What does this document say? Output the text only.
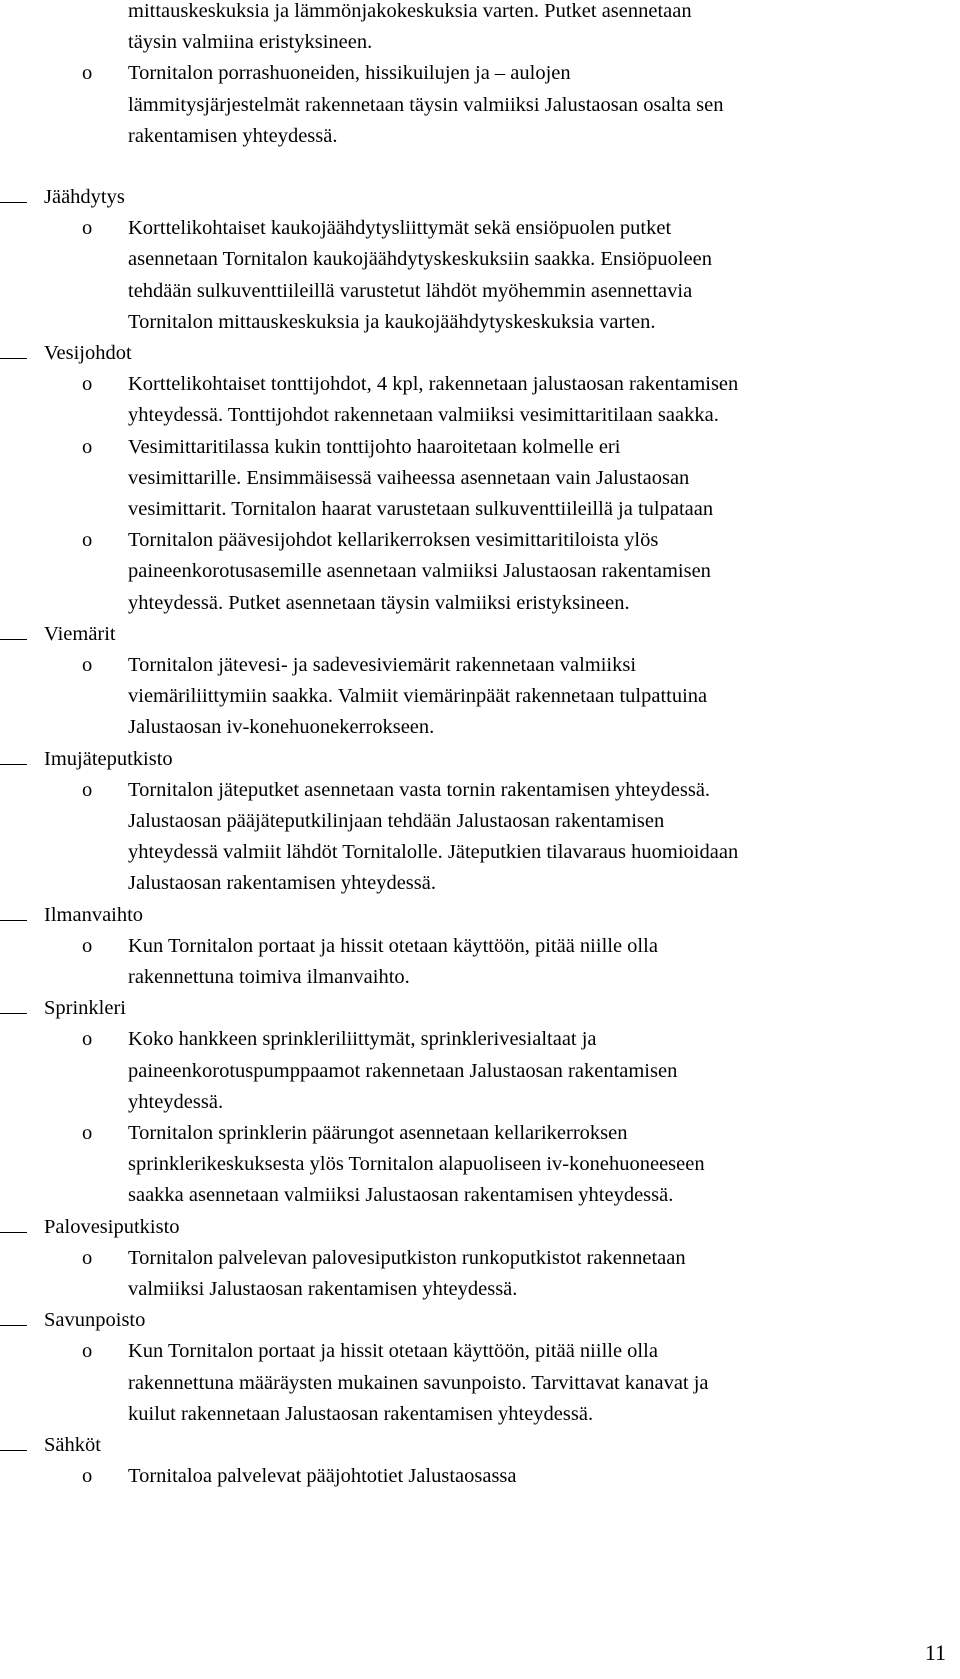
mittauskeskuksia ja lämmönjakokeskuksia varten. Putket asennetaan
täysin valmiina eristyksineen.
o Tornitalon porrashuoneiden, hissikuilujen ja – aulojen
lämmitysjärjestelmät rakennetaan täysin valmiiksi Jalustaosan osalta sen
rakentamisen yhteydessä.
Jäähdytys
o Korttelikohtaiset kaukojäähdytysliittymät sekä ensiöpuolen putket
asennetaan Tornitalon kaukojäähdytyskeskuksiin saakka. Ensiöpuoleen
tehdään sulkuventtiileillä varustetut lähdöt myöhemmin asennettavia
Tornitalon mittauskeskuksia ja kaukojäähdytyskeskuksia varten.
Vesijohdot
o Korttelikohtaiset tonttijohdot, 4 kpl, rakennetaan jalustaosan rakentamisen
yhteydessä. Tonttijohdot rakennetaan valmiiksi vesimittaritilaan saakka.
o Vesimittaritilassa kukin tonttijohto haaroitetaan kolmelle eri
vesimittarille. Ensimmäisessä vaiheessa asennetaan vain Jalustaosan
vesimittarit. Tornitalon haarat varustetaan sulkuventtiileillä ja tulpataan
o Tornitalon päävesijohdot kellarikerroksen vesimittaritiloista ylös
paineenkorotusasemille asennetaan valmiiksi Jalustaosan rakentamisen
yhteydessä. Putket asennetaan täysin valmiiksi eristyksineen.
Viemärit
o Tornitalon jätevesi- ja sadevesiviemärit rakennetaan valmiiksi
viemäriliittymiin saakka. Valmiit viemärinpäät rakennetaan tulpattuina
Jalustaosan iv-konehuonekerrokseen.
Imujäteputkisto
o Tornitalon jäteputket asennetaan vasta tornin rakentamisen yhteydessä.
Jalustaosan pääjäteputkilinjaan tehdään Jalustaosan rakentamisen
yhteydessä valmiit lähdöt Tornitalolle. Jäteputkien tilavaraus huomioidaan
Jalustaosan rakentamisen yhteydessä.
Ilmanvaihto
o Kun Tornitalon portaat ja hissit otetaan käyttöön, pitää niille olla
rakennettuna toimiva ilmanvaihto.
Sprinkleri
o Koko hankkeen sprinkleriliittymät, sprinklerivesialtaat ja
paineenkorotuspumppaamot rakennetaan Jalustaosan rakentamisen
yhteydessä.
o Tornitalon sprinklerin päärungot asennetaan kellarikerroksen
sprinklerikeskuksesta ylös Tornitalon alapuoliseen iv-konehuoneeseen
saakka asennetaan valmiiksi Jalustaosan rakentamisen yhteydessä.
Palovesiputkisto
o Tornitalon palvelevan palovesiputkiston runkoputkistot rakennetaan
valmiiksi Jalustaosan rakentamisen yhteydessä.
Savunpoisto
o Kun Tornitalon portaat ja hissit otetaan käyttöön, pitää niille olla
rakennettuna määräysten mukainen savunpoisto. Tarvittavat kanavat ja
kuilut rakennetaan Jalustaosan rakentamisen yhteydessä.
Sähköt
o Tornitaloa palvelevat pääjohtotiet Jalustaosassa
11
